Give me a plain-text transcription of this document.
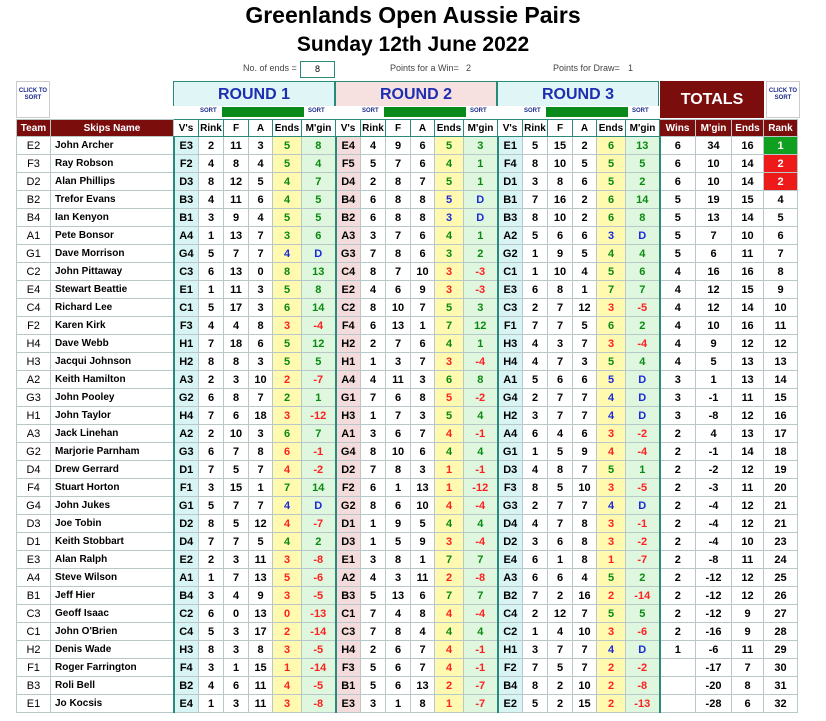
Greenlands Open Aussie Pairs
Sunday 12th June 2022
No. of ends =	8	Points for a Win= 2	Points for Draw= 1
CLICK TO SORT
CLICK TO SORT
ROUND 1	ROUND 2	ROUND 3	TOTALS
SORT	SORT	SORT	SORT	SORT	SORT
Team	Skips Name	V's	Rink	F	A	Ends	M'gin	V's	Rink	F	A	Ends	M'gin	V's	Rink	F	A	Ends	M'gin	Wins	M'gin	Ends	Rank
E2	John Archer	E3	2	11	3	5	8	E4	4	9	6	5	3	E1	5	15	2	6	13	6	34	16	1
F3	Ray Robson	F2	4	8	4	5	4	F5	5	7	6	4	1	F4	8	10	5	5	5	6	10	14	2
D2	Alan Phillips	D3	8	12	5	4	7	D4	2	8	7	5	1	D1	3	8	6	5	2	6	10	14	2
B2	Trefor Evans	B3	4	11	6	4	5	B4	6	8	8	5	D	B1	7	16	2	6	14	5	19	15	4
B4	Ian Kenyon	B1	3	9	4	5	5	B2	6	8	8	3	D	B3	8	10	2	6	8	5	13	14	5
A1	Pete Bonsor	A4	1	13	7	3	6	A3	3	7	6	4	1	A2	5	6	6	3	D	5	7	10	6
G1	Dave Morrison	G4	5	7	7	4	D	G3	7	8	6	3	2	G2	1	9	5	4	4	5	6	11	7
C2	John Pittaway	C3	6	13	0	8	13	C4	8	7	10	3	-3	C1	1	10	4	5	6	4	16	16	8
E4	Stewart Beattie	E1	1	11	3	5	8	E2	4	6	9	3	-3	E3	6	8	1	7	7	4	12	15	9
C4	Richard Lee	C1	5	17	3	6	14	C2	8	10	7	5	3	C3	2	7	12	3	-5	4	12	14	10
F2	Karen Kirk	F3	4	4	8	3	-4	F4	6	13	1	7	12	F1	7	7	5	6	2	4	10	16	11
H4	Dave Webb	H1	7	18	6	5	12	H2	2	7	6	4	1	H3	4	3	7	3	-4	4	9	12	12
H3	Jacqui Johnson	H2	8	8	3	5	5	H1	1	3	7	3	-4	H4	4	7	3	5	4	4	5	13	13
A2	Keith Hamilton	A3	2	3	10	2	-7	A4	4	11	3	6	8	A1	5	6	6	5	D	3	1	13	14
G3	John Pooley	G2	6	8	7	2	1	G1	7	6	8	5	-2	G4	2	7	7	4	D	3	-1	11	15
H1	John Taylor	H4	7	6	18	3	-12	H3	1	7	3	5	4	H2	3	7	7	4	D	3	-8	12	16
A3	Jack Linehan	A2	2	10	3	6	7	A1	3	6	7	4	-1	A4	6	4	6	3	-2	2	4	13	17
G2	Marjorie Parnham	G3	6	7	8	6	-1	G4	8	10	6	4	4	G1	1	5	9	4	-4	2	-1	14	18
D4	Drew Gerrard	D1	7	5	7	4	-2	D2	7	8	3	1	-1	D3	4	8	7	5	1	2	-2	12	19
F4	Stuart Horton	F1	3	15	1	7	14	F2	6	1	13	1	-12	F3	8	5	10	3	-5	2	-3	11	20
G4	John Jukes	G1	5	7	7	4	D	G2	8	6	10	4	-4	G3	2	7	7	4	D	2	-4	12	21
D3	Joe Tobin	D2	8	5	12	4	-7	D1	1	9	5	4	4	D4	4	7	8	3	-1	2	-4	12	21
D1	Keith Stobbart	D4	7	7	5	4	2	D3	1	5	9	3	-4	D2	3	6	8	3	-2	2	-4	10	23
E3	Alan Ralph	E2	2	3	11	3	-8	E1	3	8	1	7	7	E4	6	1	8	1	-7	2	-8	11	24
A4	Steve Wilson	A1	1	7	13	5	-6	A2	4	3	11	2	-8	A3	6	6	4	5	2	2	-12	12	25
B1	Jeff Hier	B4	3	4	9	3	-5	B3	5	13	6	7	7	B2	7	2	16	2	-14	2	-12	12	26
C3	Geoff Isaac	C2	6	0	13	0	-13	C1	7	4	8	4	-4	C4	2	12	7	5	5	2	-12	9	27
C1	John O'Brien	C4	5	3	17	2	-14	C3	7	8	4	4	4	C2	1	4	10	3	-6	2	-16	9	28
H2	Denis Wade	H3	8	3	8	3	-5	H4	2	6	7	4	-1	H1	3	7	7	4	D	1	-6	11	29
F1	Roger Farrington	F4	3	1	15	1	-14	F3	5	6	7	4	-1	F2	7	5	7	2	-2		-17	7	30
B3	Roli Bell	B2	4	6	11	4	-5	B1	5	6	13	2	-7	B4	8	2	10	2	-8		-20	8	31
E1	Jo Kocsis	E4	1	3	11	3	-8	E3	3	1	8	1	-7	E2	5	2	15	2	-13		-28	6	32
